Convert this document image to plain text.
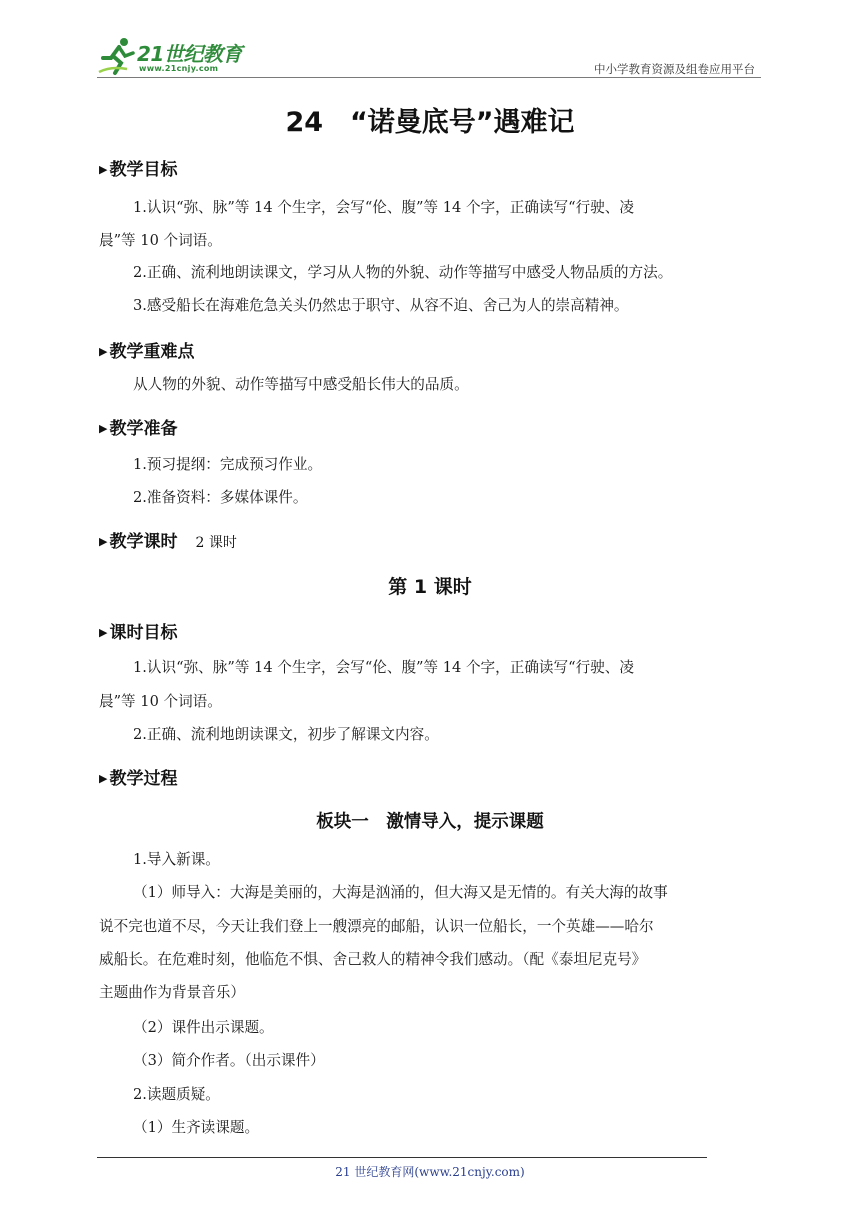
21世纪教育
www.21cnjy.com	中小学教育资源及组卷应用平台
24　“诺曼底号”遇难记
▶ 教学目标
1.认识“弥、脉”等 14 个生字，会写“伦、腹”等 14 个字，正确读写“行驶、凌
晨”等 10 个词语。
2.正确、流利地朗读课文，学习从人物的外貌、动作等描写中感受人物品质的方法。
3.感受船长在海难危急关头仍然忠于职守、从容不迫、舍己为人的崇高精神。
▶ 教学重难点
从人物的外貌、动作等描写中感受船长伟大的品质。
▶ 教学准备
1.预习提纲：完成预习作业。
2.准备资料：多媒体课件。
▶ 教学课时 2 课时
第 1 课时
▶ 课时目标
1.认识“弥、脉”等 14 个生字，会写“伦、腹”等 14 个字，正确读写“行驶、凌
晨”等 10 个词语。
2.正确、流利地朗读课文，初步了解课文内容。
▶ 教学过程
板块一　激情导入，提示课题
1.导入新课。
（1）师导入：大海是美丽的，大海是汹涌的，但大海又是无情的。有关大海的故事
说不完也道不尽，今天让我们登上一艘漂亮的邮船，认识一位船长，一个英雄——哈尔
威船长。在危难时刻，他临危不惧、舍己救人的精神令我们感动。（配《泰坦尼克号》
主题曲作为背景音乐）
（2）课件出示课题。
（3）简介作者。（出示课件）
2.读题质疑。
（1）生齐读课题。
21 世纪教育网(www.21cnjy.com)
